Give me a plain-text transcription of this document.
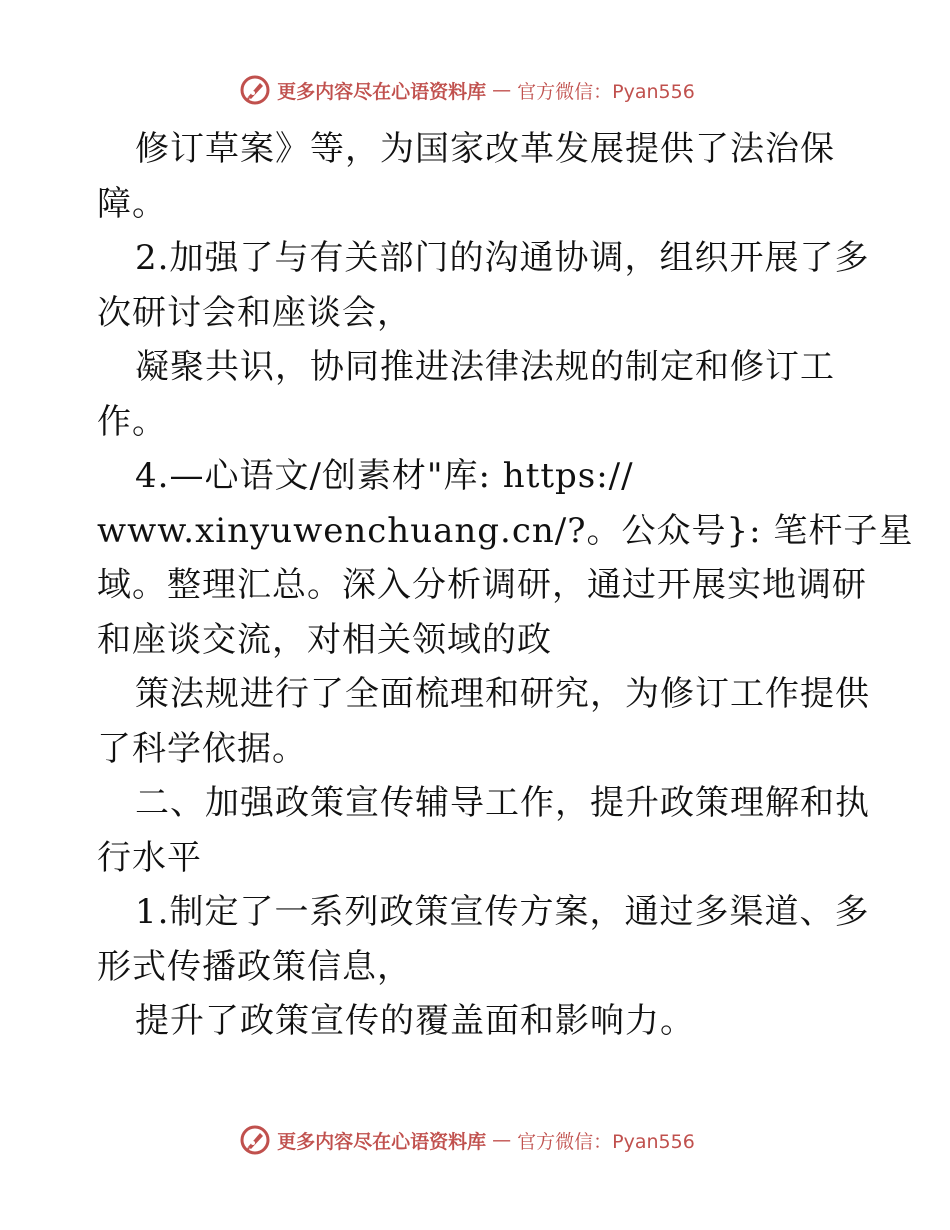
更多内容尽在心语资料库 — 官方微信：Pyan556
修订草案》等，为国家改革发展提供了法治保
障。
2.加强了与有关部门的沟通协调，组织开展了多
次研讨会和座谈会，
凝聚共识，协同推进法律法规的制定和修订工
作。
4.—心语文/创素材"库: https://
www.xinyuwenchuang.cn/?。公众号}: 笔杆子星
域。整理汇总。深入分析调研，通过开展实地调研
和座谈交流，对相关领域的政
策法规进行了全面梳理和研究，为修订工作提供
了科学依据。
二、加强政策宣传辅导工作，提升政策理解和执
行水平
1.制定了一系列政策宣传方案，通过多渠道、多
形式传播政策信息，
提升了政策宣传的覆盖面和影响力。
更多内容尽在心语资料库 — 官方微信：Pyan556
